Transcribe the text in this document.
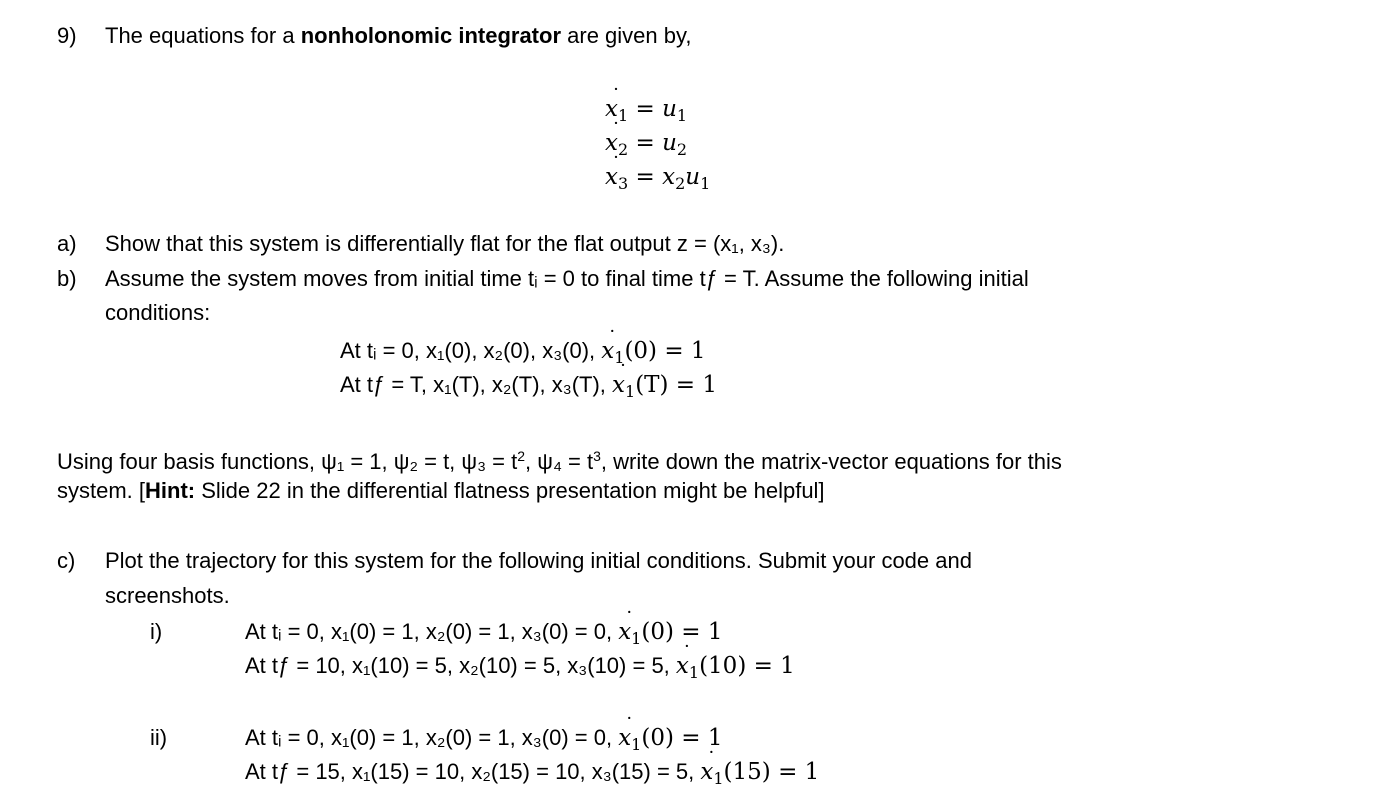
9) The equations for a nonholonomic integrator are given by,
˙ $x_1 = u_1$
˙ $x_2 = u_2$
˙ $x_3 = x_2u_1$
a) Show that this system is differentially flat for the flat output z = (x₁, x₃).
b) Assume the system moves from initial time tᵢ = 0 to final time tƒ = T. Assume the following initial
conditions:
At tᵢ = 0, x₁(0), x₂(0), x₃(0), ˙ $x_1(0) = 1$
At tƒ = T, x₁(T), x₂(T), x₃(T), ˙ $x_1(T) = 1$
Using four basis functions, ψ₁ = 1, ψ₂ = t, $\psi_3 = t^2$, $\psi_4 = t^3$, write down the matrix-vector equations for this
system. [Hint: Slide 22 in the differential flatness presentation might be helpful]
c) Plot the trajectory for this system for the following initial conditions. Submit your code and
screenshots.
i)	At tᵢ = 0, x₁(0) = 1, x₂(0) = 1, x₃(0) = 0, ˙ $x_1(0) = 1$
At tƒ = 10, x₁(10) = 5, x₂(10) = 5, x₃(10) = 5, ˙ $x_1(10) = 1$
ii)	At tᵢ = 0, x₁(0) = 1, x₂(0) = 1, x₃(0) = 0, ˙ $x_1(0) = 1$
At tƒ = 15, x₁(15) = 10, x₂(15) = 10, x₃(15) = 5, ˙ $x_1(15) = 1$
